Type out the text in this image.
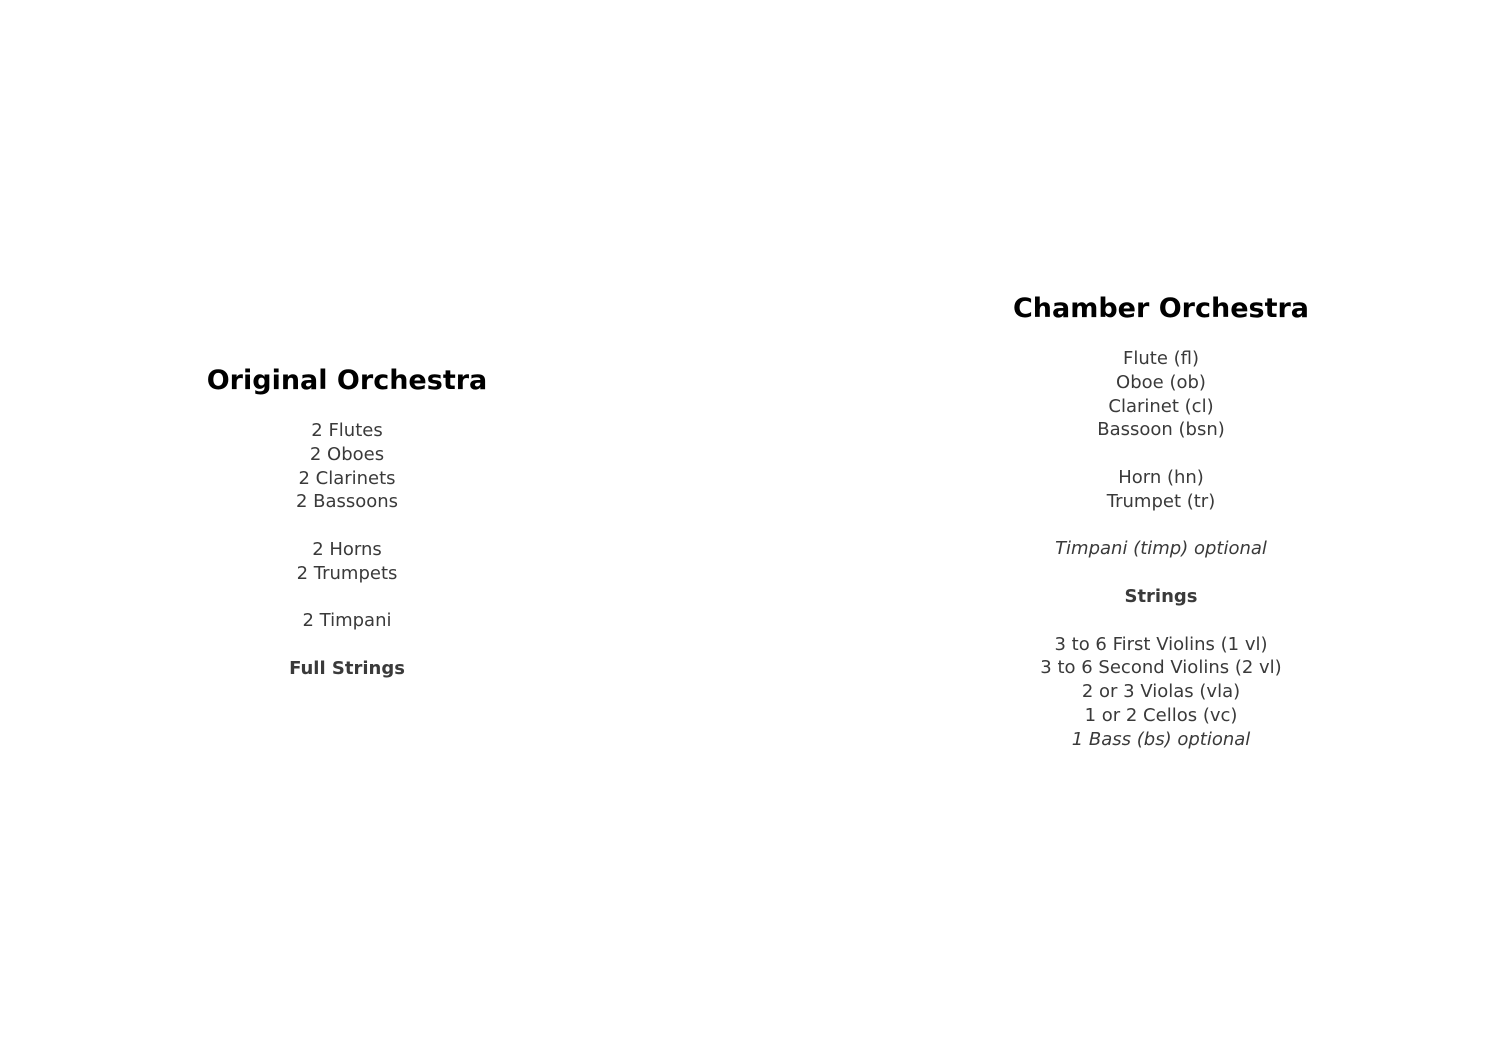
Original Orchestra
2 Flutes
2 Oboes
2 Clarinets
2 Bassoons
2 Horns
2 Trumpets
2 Timpani
Full Strings
Chamber Orchestra
Flute (fl)
Oboe (ob)
Clarinet (cl)
Bassoon (bsn)
Horn (hn)
Trumpet (tr)
Timpani (timp) optional
Strings
3 to 6 First Violins (1 vl)
3 to 6 Second Violins (2 vl)
2 or 3 Violas (vla)
1 or 2 Cellos (vc)
1 Bass (bs) optional
